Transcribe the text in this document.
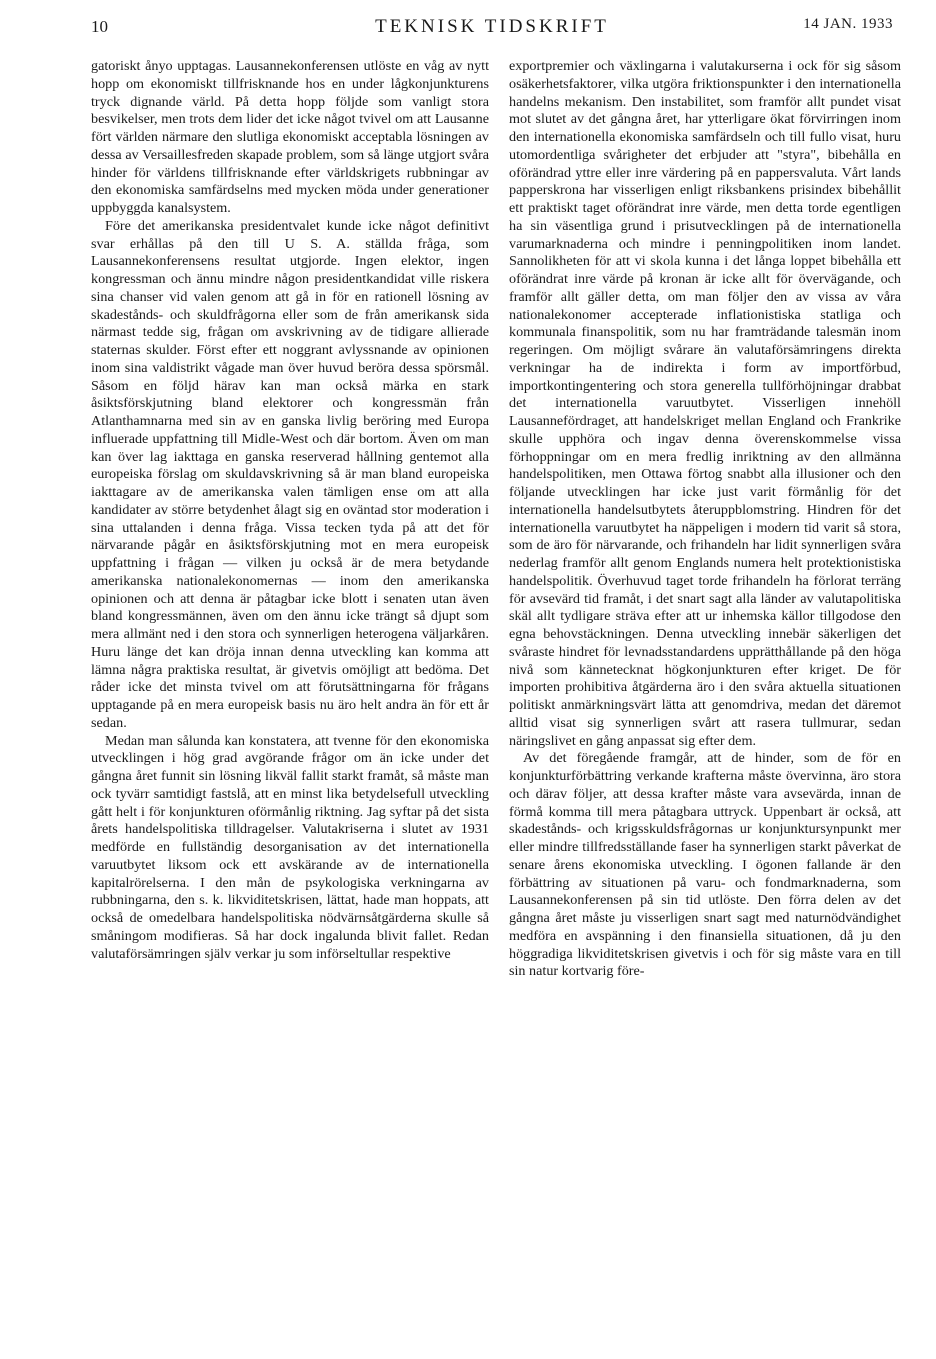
10	TEKNISK TIDSKRIFT	14 JAN. 1933

gatoriskt ånyo upptagas. Lausannekonferensen utlöste en våg av nytt hopp om ekonomiskt tillfrisknande hos en under lågkonjunkturens tryck dignande värld. På detta hopp följde som vanligt stora besvikelser, men trots dem lider det icke något tvivel om att Lausanne fört världen närmare den slutliga ekonomiskt acceptabla lösningen av dessa av Versaillesfreden skapade problem, som så länge utgjort svåra hinder för världens tillfrisknande efter världskrigets rubbningar av den ekonomiska samfärdselns med mycken möda under generationer uppbyggda kanalsystem.

Före det amerikanska presidentvalet kunde icke något definitivt svar erhållas på den till U S. A. ställda fråga, som Lausannekonferensens resultat utgjorde. Ingen elektor, ingen kongressman och ännu mindre någon presidentkandidat ville riskera sina chanser vid valen genom att gå in för en rationell lösning av skadestånds- och skuldfrågorna eller som de från amerikansk sida närmast tedde sig, frågan om avskrivning av de tidigare allierade staternas skulder. Först efter ett noggrant avlyssnande av opinionen inom sina valdistrikt vågade man över huvud beröra dessa spörsmål. Såsom en följd härav kan man också märka en stark åsiktsförskjutning bland elektorer och kongressmän från Atlanthamnarna med sin av en ganska livlig beröring med Europa influerade uppfattning till Midle-West och där bortom. Även om man kan över lag iakttaga en ganska reserverad hållning gentemot alla europeiska förslag om skuldavskrivning så är man bland europeiska iakttagare av de amerikanska valen tämligen ense om att alla kandidater av större betydenhet ålagt sig en oväntad stor moderation i sina uttalanden i denna fråga. Vissa tecken tyda på att det för närvarande pågår en åsiktsförskjutning mot en mera europeisk uppfattning i frågan — vilken ju också är de mera betydande amerikanska nationalekonomernas — inom den amerikanska opinionen och att denna är påtagbar icke blott i senaten utan även bland kongressmännen, även om den ännu icke trängt så djupt som mera allmänt ned i den stora och synnerligen heterogena väljarkåren. Huru länge det kan dröja innan denna utveckling kan komma att lämna några praktiska resultat, är givetvis omöjligt att bedöma. Det råder icke det minsta tvivel om att förutsättningarna för frågans upptagande på en mera europeisk basis nu äro helt andra än för ett år sedan.

Medan man sålunda kan konstatera, att tvenne för den ekonomiska utvecklingen i hög grad avgörande frågor om än icke under det gångna året funnit sin lösning likväl fallit starkt framåt, så måste man ock tyvärr samtidigt fastslå, att en minst lika betydelsefull utveckling gått helt i för konjunkturen oförmånlig riktning. Jag syftar på det sista årets handelspolitiska tilldragelser. Valutakriserna i slutet av 1931 medförde en fullständig desorganisation av det internationella varuutbytet liksom ock ett avskärande av de internationella kapitalrörelserna. I den mån de psykologiska verkningarna av rubbningarna, den s. k. likviditetskrisen, lättat, hade man hoppats, att också de omedelbara handelspolitiska nödvärnsåtgärderna skulle så småningom modifieras. Så har dock ingalunda blivit fallet. Redan valutaförsämringen själv verkar ju som införseltullar respektive

exportpremier och växlingarna i valutakurserna i ock för sig såsom osäkerhetsfaktorer, vilka utgöra friktionspunkter i den internationella handelns mekanism. Den instabilitet, som framför allt pundet visat mot slutet av det gångna året, har ytterligare ökat förvirringen inom den internationella ekonomiska samfärdseln och till fullo visat, huru utomordentliga svårigheter det erbjuder att "styra", bibehålla en oförändrad yttre eller inre värdering på en pappersvaluta. Vårt lands papperskrona har visserligen enligt riksbankens prisindex bibehållit ett praktiskt taget oförändrat inre värde, men detta torde egentligen ha sin väsentliga grund i prisutvecklingen på de internationella varumarknaderna och mindre i penningpolitiken inom landet. Sannolikheten för att vi skola kunna i det långa loppet bibehålla ett oförändrat inre värde på kronan är icke allt för övervägande, och framför allt gäller detta, om man följer den av vissa av våra nationalekonomer accepterade inflationistiska statliga och kommunala finanspolitik, som nu har framträdande talesmän inom regeringen. Om möjligt svårare än valutaförsämringens direkta verkningar ha de indirekta i form av importförbud, importkontingentering och stora generella tullförhöjningar drabbat det internationella varuutbytet. Visserligen innehöll Lausannefördraget, att handelskriget mellan England och Frankrike skulle upphöra och ingav denna överenskommelse vissa förhoppningar om en mera fredlig inriktning av den allmänna handelspolitiken, men Ottawa förtog snabbt alla illusioner och den följande utvecklingen har icke just varit förmånlig för det internationella handelsutbytets återuppblomstring. Hindren för det internationella varuutbytet ha näppeligen i modern tid varit så stora, som de äro för närvarande, och frihandeln har lidit synnerligen svåra nederlag framför allt genom Englands numera helt protektionistiska handelspolitik. Överhuvud taget torde frihandeln ha förlorat terräng för avsevärd tid framåt, i det snart sagt alla länder av valutapolitiska skäl allt tydligare sträva efter att ur inhemska källor tillgodose den egna behovstäckningen. Denna utveckling innebär säkerligen det svåraste hindret för levnadsstandardens upprätthållande på den höga nivå som kännetecknat högkonjunkturen efter kriget. De för importen prohibitiva åtgärderna äro i den svåra aktuella situationen politiskt anmärkningsvärt lätta att genomdriva, medan det däremot alltid visat sig synnerligen svårt att rasera tullmurar, sedan näringslivet en gång anpassat sig efter dem.

Av det föregående framgår, att de hinder, som de för en konjunkturförbättring verkande krafterna måste övervinna, äro stora och därav följer, att dessa krafter måste vara avsevärda, innan de förmå komma till mera påtagbara uttryck. Uppenbart är också, att skadestånds- och krigsskuldsfrågornas ur konjunktursynpunkt mer eller mindre tillfredsställande faser ha synnerligen starkt påverkat de senare årens ekonomiska utveckling. I ögonen fallande är den förbättring av situationen på varu- och fondmarknaderna, som Lausannekonferensen på sin tid utlöste. Den förra delen av det gångna året måste ju visserligen snart sagt med naturnödvändighet medföra en avspänning i den finansiella situationen, då ju den höggradiga likviditetskrisen givetvis i och för sig måste vara en till sin natur kortvarig före-
